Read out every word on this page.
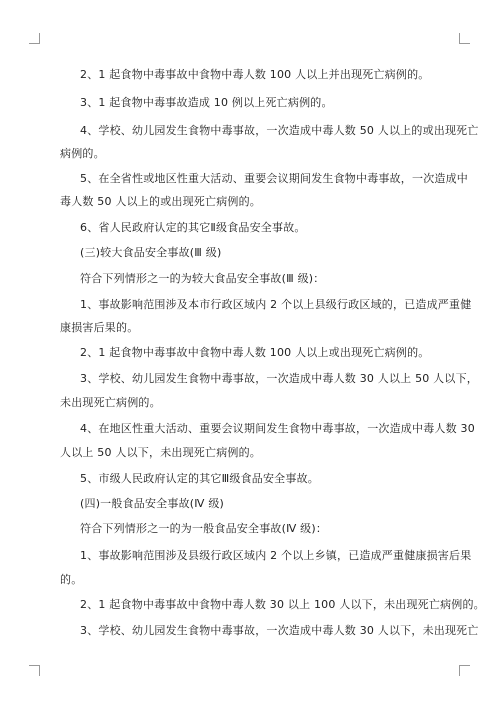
2、1 起食物中毒事故中食物中毒人数 100 人以上并出现死亡病例的。
3、1 起食物中毒事故造成 10 例以上死亡病例的。
4、学校、幼儿园发生食物中毒事故，一次造成中毒人数 50 人以上的或出现死亡
病例的。
5、在全省性或地区性重大活动、重要会议期间发生食物中毒事故，一次造成中
毒人数 50 人以上的或出现死亡病例的。
6、省人民政府认定的其它Ⅱ级食品安全事故。
(三)较大食品安全事故(Ⅲ 级)
符合下列情形之一的为较大食品安全事故(Ⅲ 级)：
1、事故影响范围涉及本市行政区域内 2 个以上县级行政区域的，已造成严重健
康损害后果的。
2、1 起食物中毒事故中食物中毒人数 100 人以上或出现死亡病例的。
3、学校、幼儿园发生食物中毒事故，一次造成中毒人数 30 人以上 50 人以下，
未出现死亡病例的。
4、在地区性重大活动、重要会议期间发生食物中毒事故，一次造成中毒人数 30
人以上 50 人以下，未出现死亡病例的。
5、市级人民政府认定的其它Ⅲ级食品安全事故。
(四)一般食品安全事故(Ⅳ 级)
符合下列情形之一的为一般食品安全事故(Ⅳ 级)：
1、事故影响范围涉及县级行政区域内 2 个以上乡镇，已造成严重健康损害后果
的。
2、1 起食物中毒事故中食物中毒人数 30 以上 100 人以下，未出现死亡病例的。
3、学校、幼儿园发生食物中毒事故，一次造成中毒人数 30 人以下，未出现死亡
